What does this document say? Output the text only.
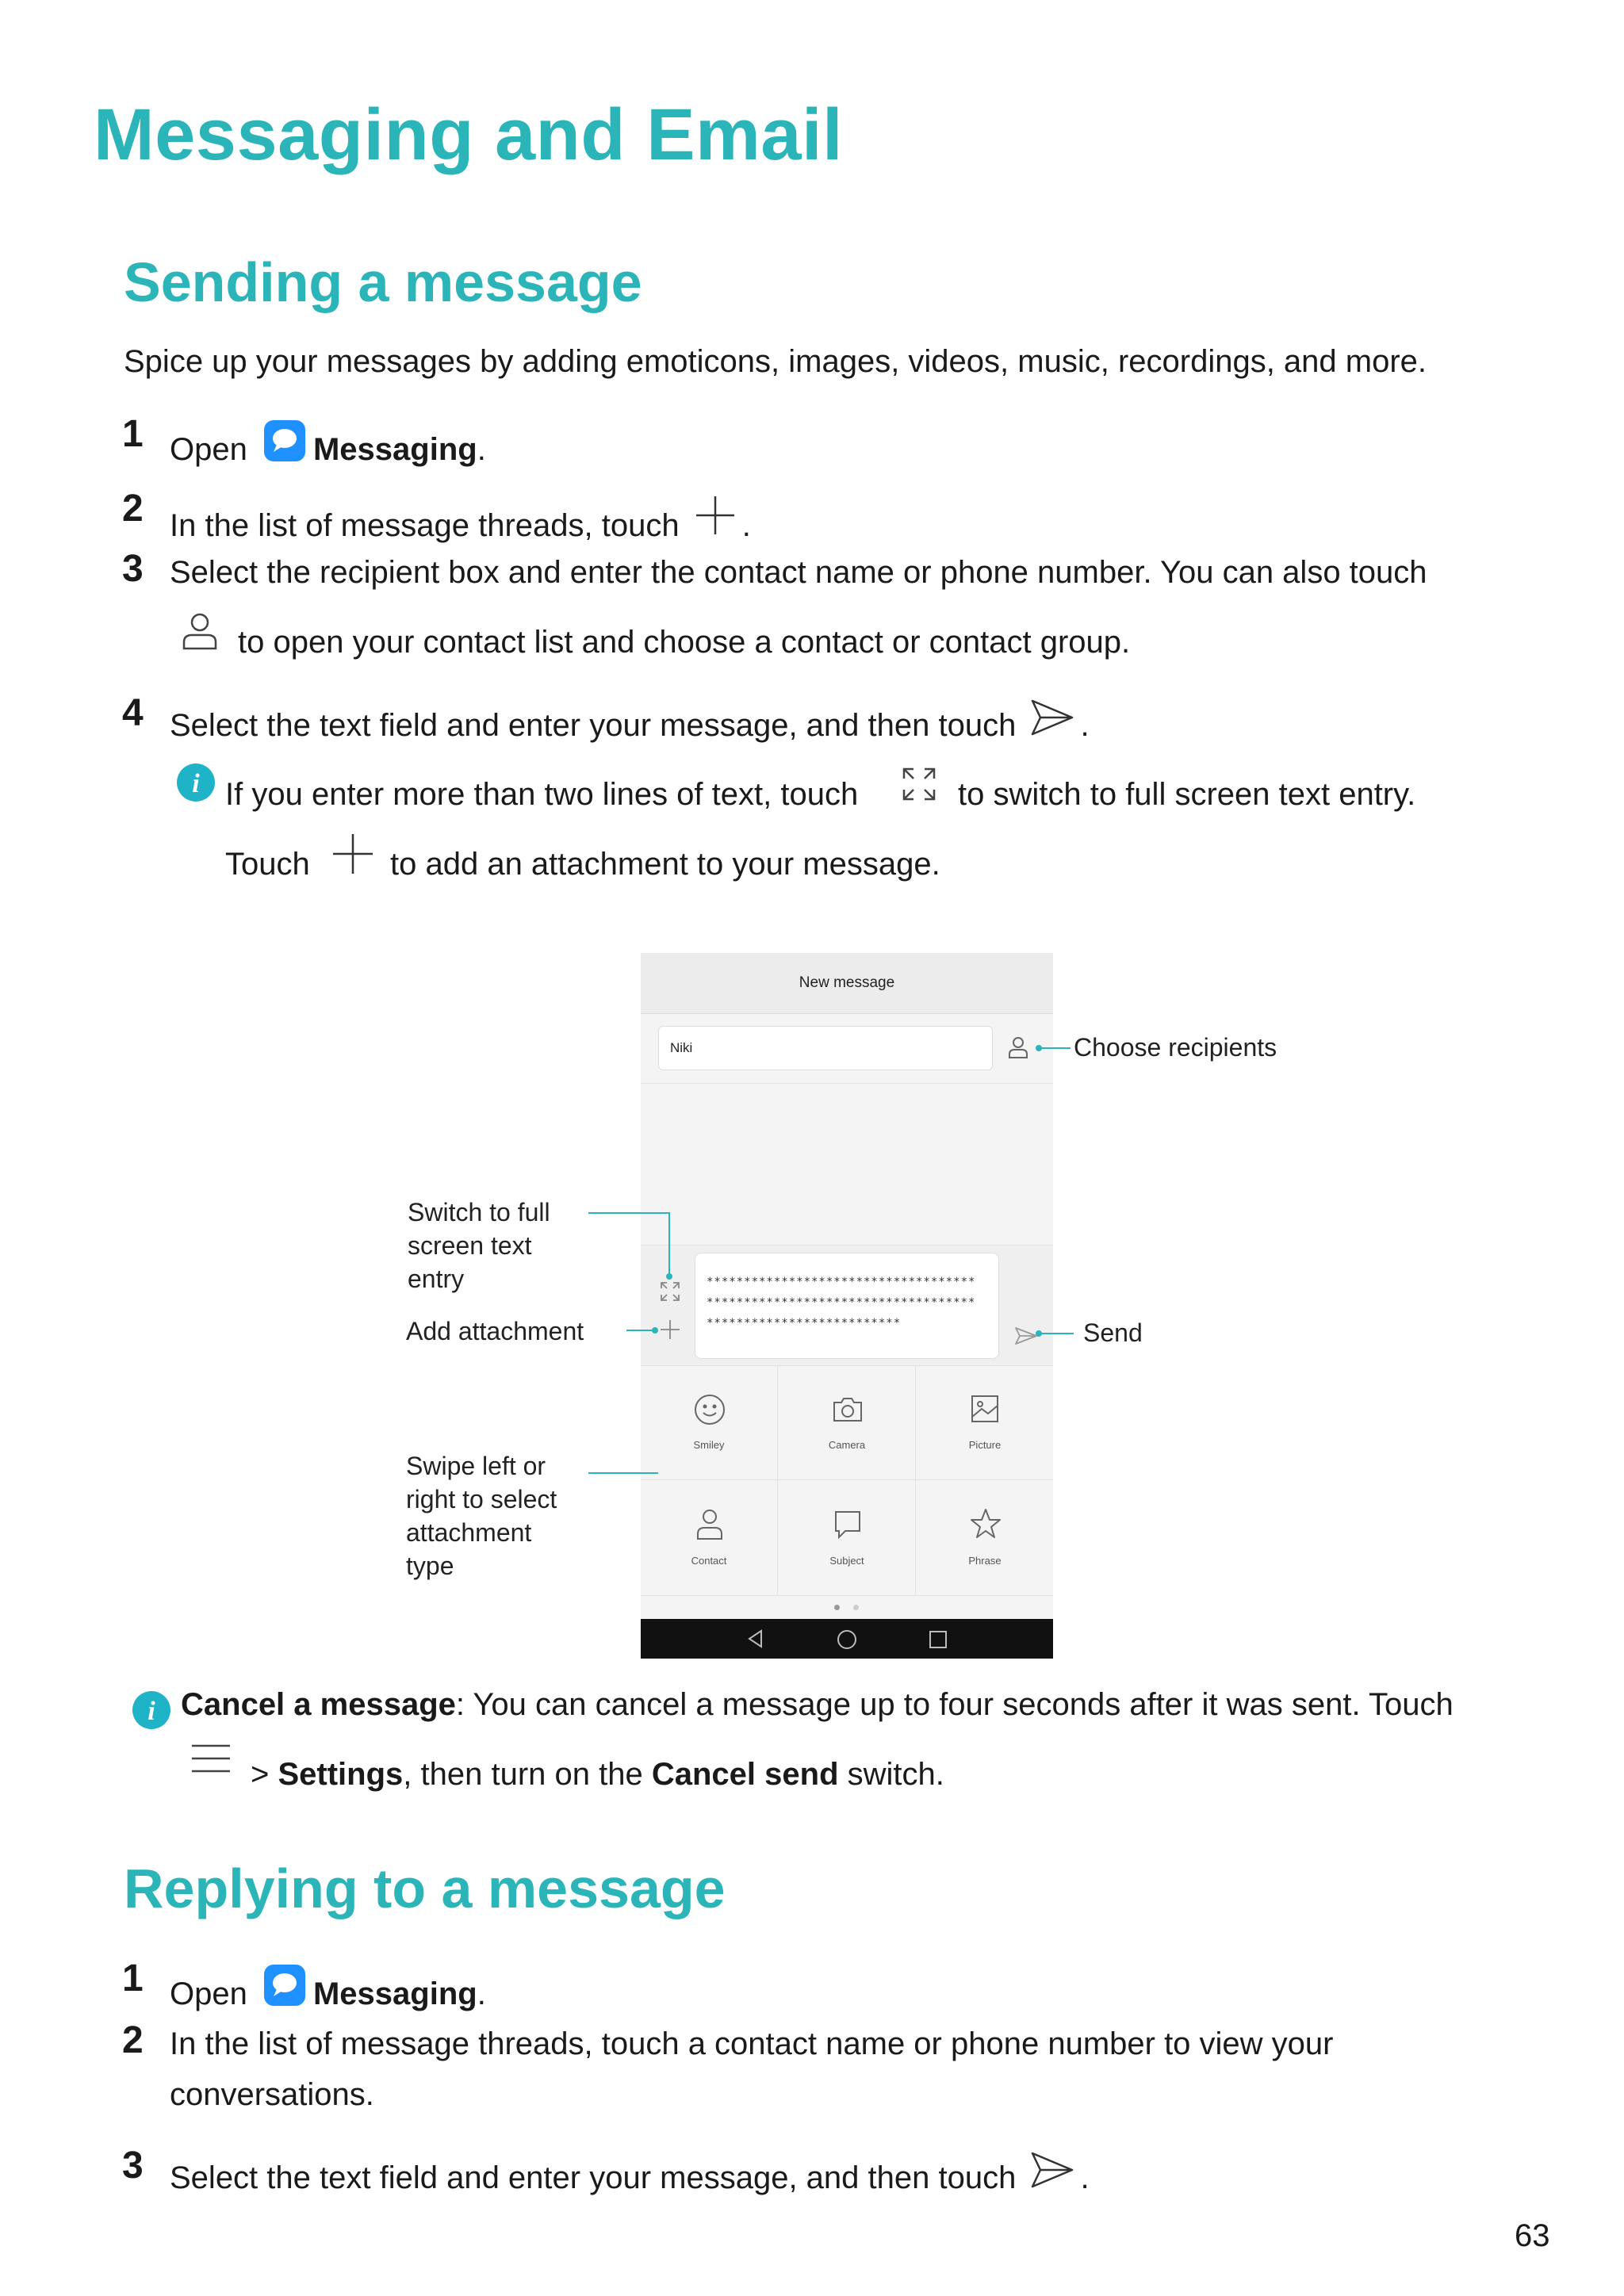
Messaging and Email
Sending a message
Spice up your messages by adding emoticons, images, videos, music, recordings, and more.
1 Open Messaging.
2 In the list of message threads, touch .
3 Select the recipient box and enter the contact name or phone number. You can also touch
to open your contact list and choose a contact or contact group.
4 Select the text field and enter your message, and then touch .
i If you enter more than two lines of text, touch	to switch to full screen text entry.
Touch	to add an attachment to your message.
New message
Niki
************************************
************************************
**************************
Smiley	Camera	Picture
Contact	Subject	Phrase
Choose recipients
Switch to full
screen text
entry
Add attachment	Send
Swipe left or
right to select
attachment
type
i Cancel a message: You can cancel a message up to four seconds after it was sent. Touch
> Settings, then turn on the Cancel send switch.
Replying to a message
1 Open Messaging.
2 In the list of message threads, touch a contact name or phone number to view your
conversations.
3 Select the text field and enter your message, and then touch .
63
